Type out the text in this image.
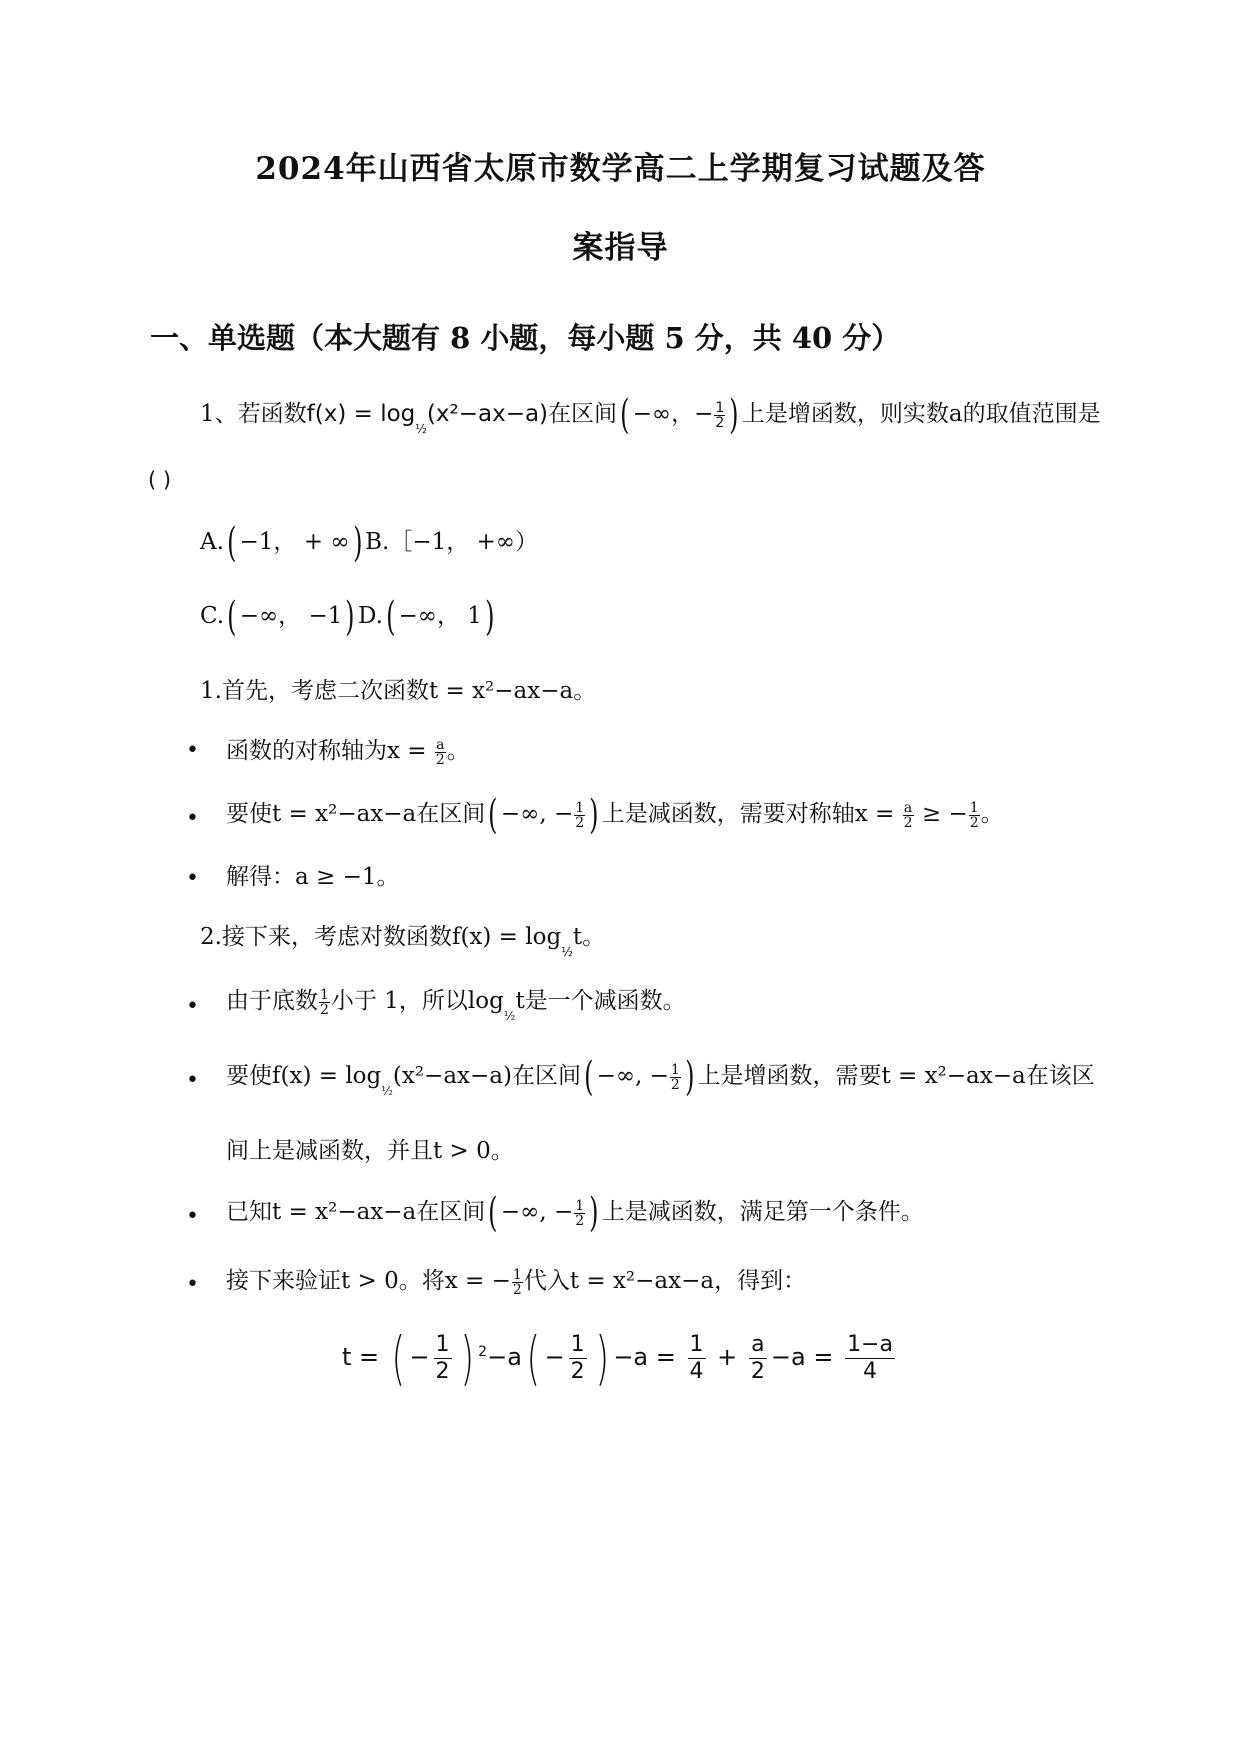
2024年山西省太原市数学高二上学期复习试题及答
案指导
一、单选题（本大题有 8 小题，每小题 5 分，共 40 分）
1、若函数$f(x) = \log_{\frac{1}{2}}(x^2-ax-a)$在区间( −∞，− $\frac{1}{2}$ ) 上是增函数，则实数a的取值范围是
( )
A.( −1， + ∞) B.［−1， +∞）
C.( −∞， −1) D.( −∞， 1)
1.首先，考虑二次函数t = x²−ax−a。
• 函数的对称轴为$x = \frac{a}{2}$ 。
• 要使t = x²−ax−a在区间( −∞, − $\frac{1}{2}$ ) 上是减函数，需要对称轴$x = \frac{a}{2}$ ≥ − $\frac{1}{2}$ 。
• 解得：a ≥ −1。
2.接下来，考虑对数函数$f(x) = \log_{\frac{1}{2}}t$。
• 由于底数 $\frac{1}{2}$ 小于 1，所以$\log_{\frac{1}{2}}t$是一个减函数。
• 要使$f(x) = \log_{\frac{1}{2}}(x^2-ax-a)$在区间( −∞, − $\frac{1}{2}$ ) 上是增函数，需要t = x²−ax−a在该区
间上是减函数，并且t > 0。
• 已知t = x²−ax−a在区间( −∞, − $\frac{1}{2}$ ) 上是减函数，满足第一个条件。
• 接下来验证t > 0。将x = − $\frac{1}{2}$ 代入t = x²−ax−a，得到：
t = ( − $\frac{1}{2}$ ) $^2-a( - \frac{1}{2}$ ) $-a = \frac{1}{4} + \frac{a}{2} -a = \frac{1-a}{4}$
